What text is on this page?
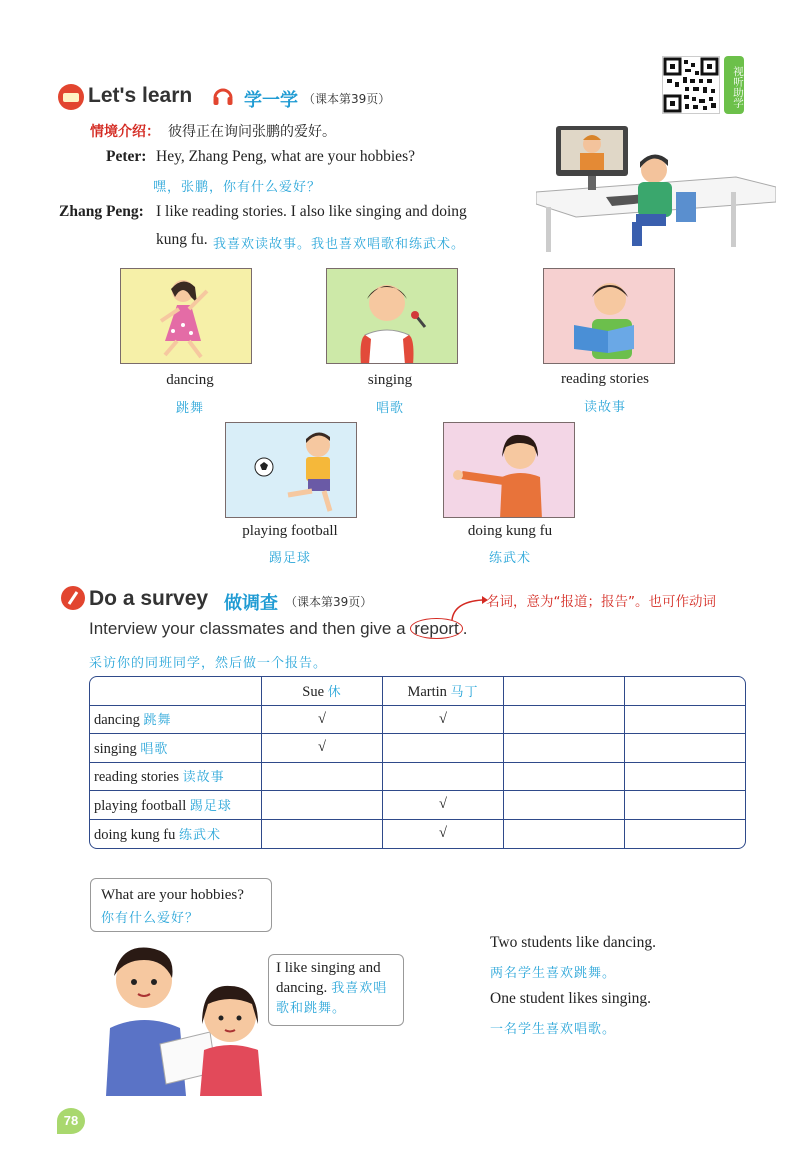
Let's learn	学一学 （课本第39页）	视听助学
情境介绍： 彼得正在询问张鹏的爱好。
Peter: Hey, Zhang Peng, what are your hobbies?
嘿，张鹏，你有什么爱好？
Zhang Peng: I like reading stories. I also like singing and doing
kung fu. 我喜欢读故事。我也喜欢唱歌和练武术。
dancing
跳舞
singing
唱歌
reading stories
读故事
playing football
踢足球
doing kung fu
练武术
Do a survey 做调查 （课本第39页）	名词，意为“报道；报告”。也可作动词
Interview your classmates and then give a report .
采访你的同班同学，然后做一个报告。
	Sue 休	Martin 马丁		
dancing 跳舞	√	√		
singing 唱歌	√			
reading stories 读故事				
playing football 踢足球		√		
doing kung fu 练武术		√		
What are your hobbies?
你有什么爱好？
I like singing and
dancing. 我喜欢唱
歌和跳舞。
Two students like dancing.
两名学生喜欢跳舞。
One student likes singing.
一名学生喜欢唱歌。
78
